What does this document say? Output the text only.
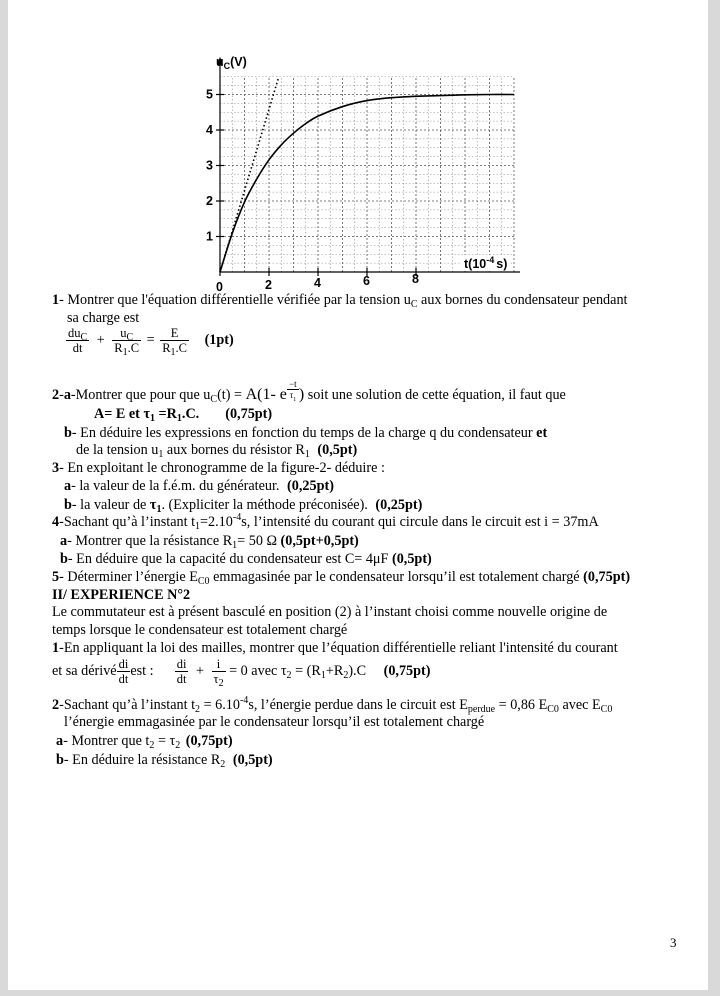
0	2	4	6	8
1
2
3
4
5
$u_C(V)$
$t(10^{-4}$ s)
1- Montrer que l'équation différentielle vérifiée par la tension $u_C$ aux bornes du condensateur pendant
sa charge est
$\frac{du_C}{dt} + \frac{u_C}{R_1.C} = \frac{E}{R_1.C} (1pt)$
2-a-Montrer que pour que $u_C(t) = A(1-$ e
−t
$\tau_1$ ) soit une solution de cette équation, il faut que
A= E et $\tau_1 =R_1.C$. (0,75pt)
b- En déduire les expressions en fonction du temps de la charge q du condensateur et
de la tension $u_1$ aux bornes du résistor $R_1$ (0,5pt)
3- En exploitant le chronogramme de la figure-2- déduire :
a- la valeur de la f.é.m. du générateur. (0,25pt)
b- la valeur de $\tau_1$. (Expliciter la méthode préconisée). (0,25pt)
4-Sachant qu’à l’instant $t_1=2.10^{-4}s$, l’intensité du courant qui circule dans le circuit est i = 37mA
a- Montrer que la résistance $R_1= 50$ Ω (0,5pt+0,5pt)
b- En déduire que la capacité du condensateur est C= 4μF (0,5pt)
5- Déterminer l’énergie $E_{C0}$ emmagasinée par le condensateur lorsqu’il est totalement chargé (0,75pt)
II/ EXPERIENCE N°2
Le commutateur est à présent basculé en position (2) à l’instant choisi comme nouvelle origine de
temps lorsque le condensateur est totalement chargé
1-En appliquant la loi des mailles, montrer que l’équation différentielle reliant l'intensité du courant
et sa dérivé $\frac{di}{dt}$ est : $\frac{di}{dt} + \frac{i}{\tau_2} = 0$ avec $\tau_2 = (R_1+R_2).C$ (0,75pt)
2-Sachant qu’à l’instant $t_2 = 6.10^{-4}s$, l’énergie perdue dans le circuit est $E_{perdue} = 0,86$ $E_{C0}$ avec $E_{C0}$
l’énergie emmagasinée par le condensateur lorsqu’il est totalement chargé
a- Montrer que $t_2 = \tau_2$ (0,75pt)
b- En déduire la résistance $R_2$ (0,5pt)
3
